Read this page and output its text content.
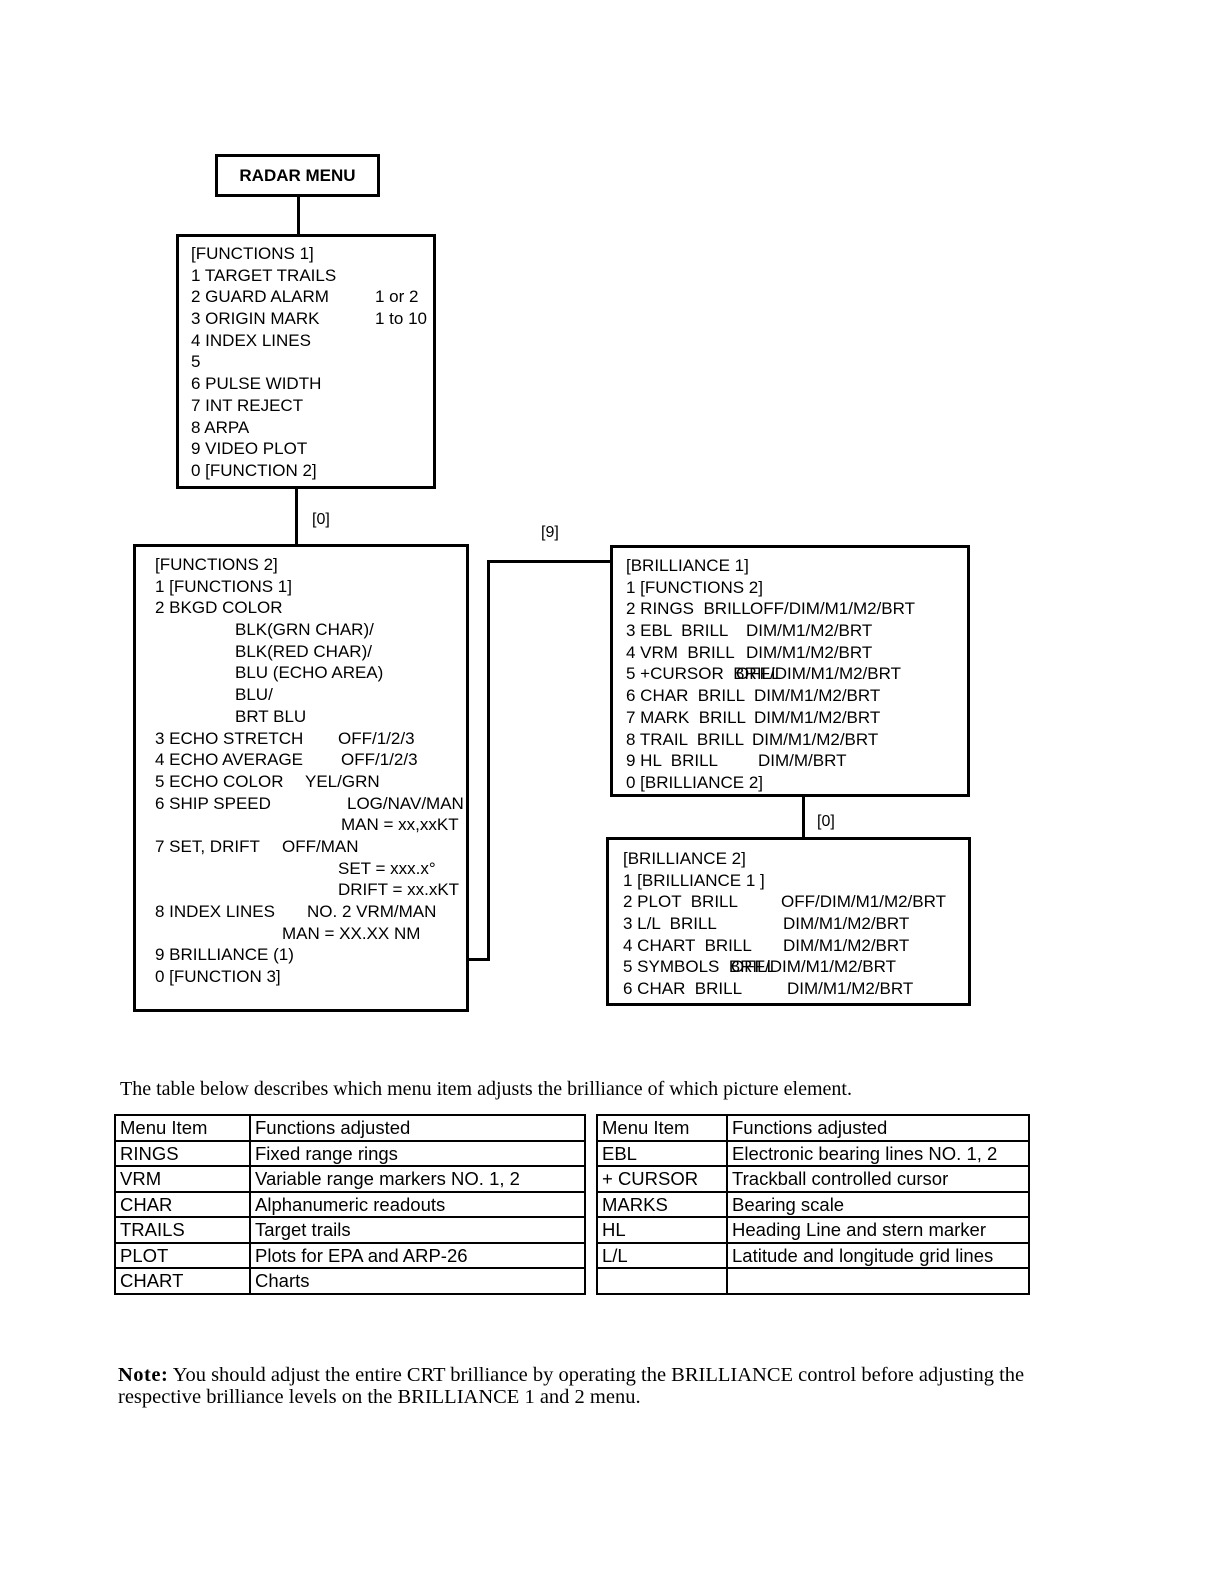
RADAR MENU
[0]
[9]
[0]
[FUNCTIONS 1]
1 TARGET TRAILS
2 GUARD ALARM	1 or 2
3 ORIGIN MARK	1 to 10
4 INDEX LINES
5
6 PULSE WIDTH
7 INT REJECT
8 ARPA
9 VIDEO PLOT
0 [FUNCTION 2]
[FUNCTIONS 2]
1 [FUNCTIONS 1]
2 BKGD COLOR
BLK(GRN CHAR)/
BLK(RED CHAR)/
BLU (ECHO AREA)
BLU/
BRT BLU
3 ECHO STRETCH OFF/1/2/3
4 ECHO AVERAGE OFF/1/2/3
5 ECHO COLOR YEL/GRN
6 SHIP SPEED	LOG/NAV/MAN
MAN = xx,xxKT
7 SET, DRIFT OFF/MAN
SET = xxx.x°
DRIFT = xx.xKT
8 INDEX LINES NO. 2 VRM/MAN
MAN = XX.XX NM
9 BRILLIANCE (1)
0 [FUNCTION 3]
[BRILLIANCE 1]
1 [FUNCTIONS 2]
2 RINGS  BRILL OFF/DIM/M1/M2/BRT
3 EBL  BRILL DIM/M1/M2/BRT
4 VRM  BRILL DIM/M1/M2/BRT
5 +CURSOR  BRILL
OFF/DIM/M1/M2/BRT
6 CHAR  BRILL DIM/M1/M2/BRT
7 MARK  BRILL DIM/M1/M2/BRT
8 TRAIL  BRILL DIM/M1/M2/BRT
9 HL  BRILL DIM/M/BRT
0 [BRILLIANCE 2]
[BRILLIANCE 2]
1 [BRILLIANCE 1 ]
2 PLOT  BRILL	OFF/DIM/M1/M2/BRT
3 L/L  BRILL	DIM/M1/M2/BRT
4 CHART  BRILL DIM/M1/M2/BRT
5 SYMBOLS  BRILL
OFF/DIM/M1/M2/BRT
6 CHAR  BRILL	DIM/M1/M2/BRT
The table below describes which menu item adjusts the brilliance of which picture element.
Menu Item	Functions adjusted
RINGS	Fixed range rings
VRM	Variable range markers NO. 1, 2
CHAR	Alphanumeric readouts
TRAILS	Target trails
PLOT	Plots for EPA and ARP-26
CHART	Charts
Menu Item	Functions adjusted
EBL	Electronic bearing lines NO. 1, 2
+ CURSOR	Trackball controlled cursor
MARKS	Bearing scale
HL	Heading Line and stern marker
L/L	Latitude and longitude grid lines

Note: You should adjust the entire CRT brilliance by operating the BRILLIANCE control before adjusting the respective brilliance levels on the BRILLIANCE 1 and 2 menu.
